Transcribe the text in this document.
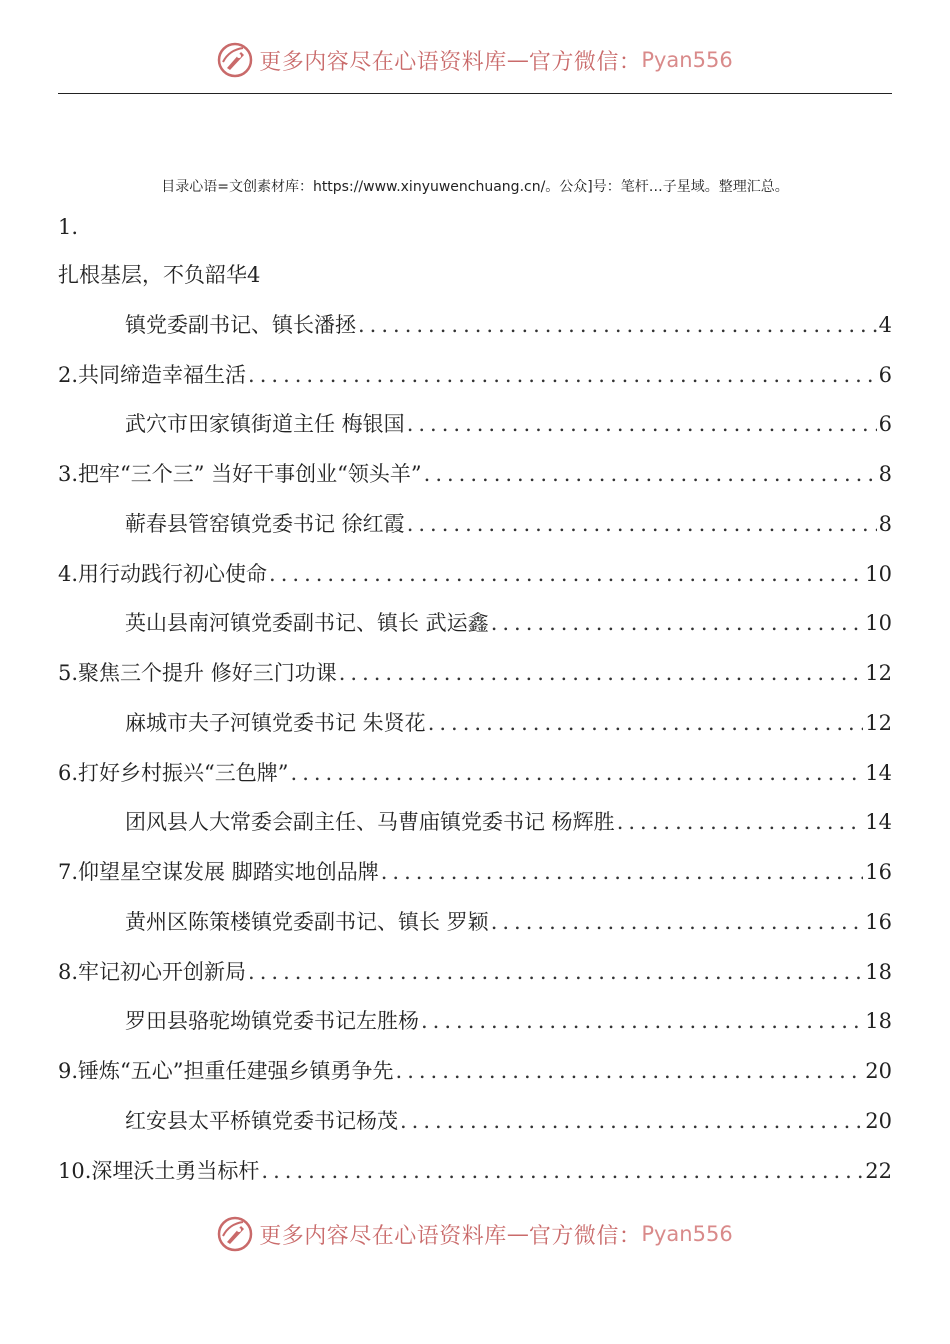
更多内容尽在心语资料库 — 官方微信： Pyan556
目录心语=文创素材库：https://www.xinyuwenchuang.cn/。公众]号：笔杆…子星域。整理汇总。
1.
扎根基层，不负韶华4
镇党委副书记、镇长潘拯 .....	4
2.共同缔造幸福生活 .....	6
武穴市田家镇街道主任 梅银国 .....	6
3.把牢“三个三” 当好干事创业“领头羊” .....	8
蕲春县管窑镇党委书记 徐红霞 .....	8
4.用行动践行初心使命 .....	10
英山县南河镇党委副书记、镇长 武运鑫 .....	10
5.聚焦三个提升 修好三门功课 .....	12
麻城市夫子河镇党委书记 朱贤花 .....	12
6.打好乡村振兴“三色牌” .....	14
团风县人大常委会副主任、马曹庙镇党委书记 杨辉胜 .....	14
7.仰望星空谋发展 脚踏实地创品牌 .....	16
黄州区陈策楼镇党委副书记、镇长 罗颖 .....	16
8.牢记初心开创新局 .....	18
罗田县骆驼坳镇党委书记左胜杨 .....	18
9.锤炼“五心”担重任建强乡镇勇争先 .....	20
红安县太平桥镇党委书记杨茂 .....	20
10.深埋沃土勇当标杆 .....	22
更多内容尽在心语资料库 — 官方微信： Pyan556
